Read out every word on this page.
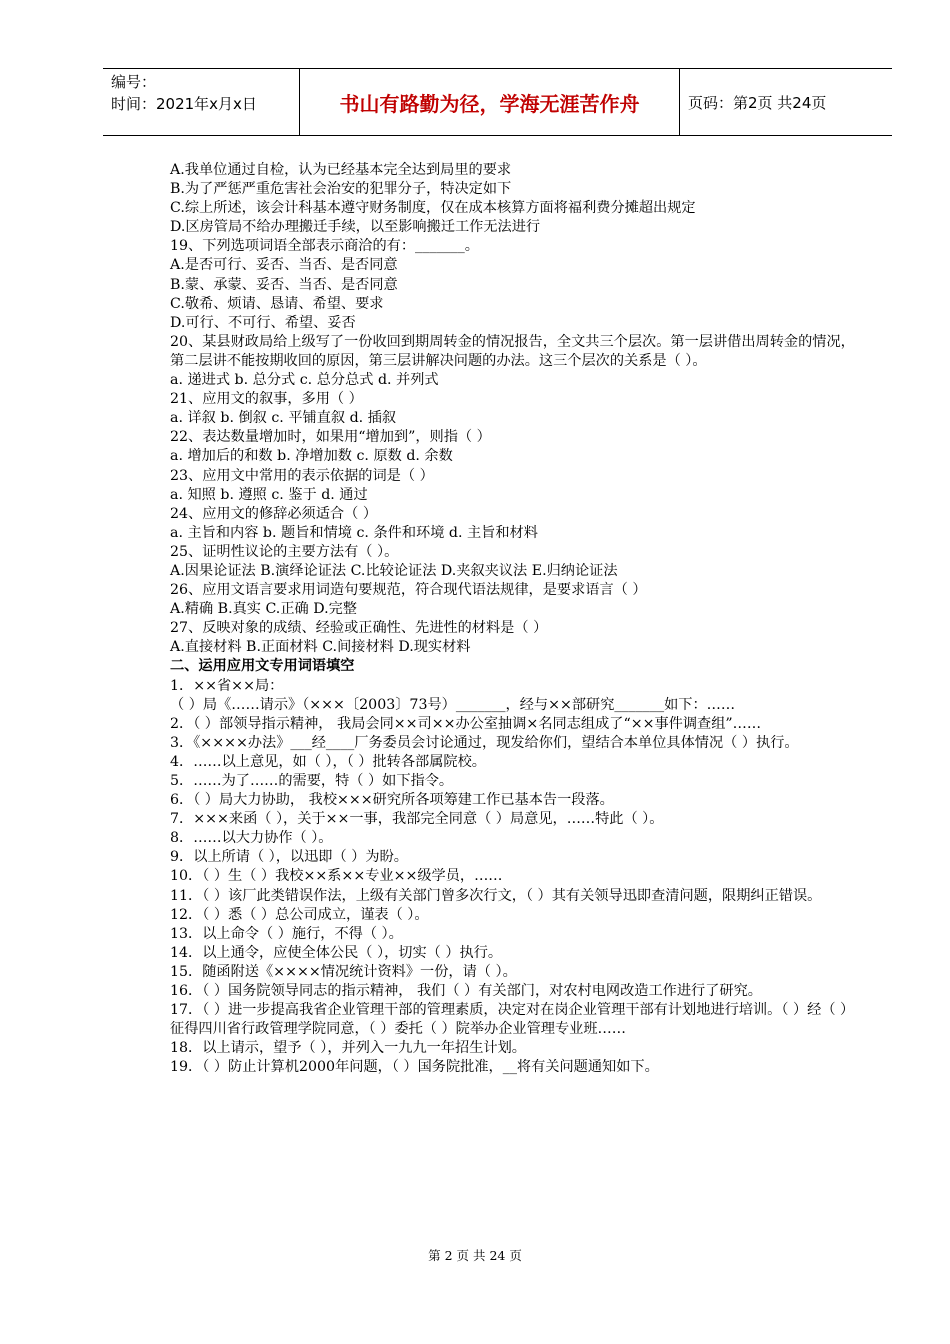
编号：
时间：2021年x月x日	书山有路勤为径，学海无涯苦作舟	页码：第2页 共24页
A.我单位通过自检，认为已经基本完全达到局里的要求
B.为了严惩严重危害社会治安的犯罪分子，特决定如下
C.综上所述，该会计科基本遵守财务制度，仅在成本核算方面将福利费分摊超出规定
D.区房管局不给办理搬迁手续，以至影响搬迁工作无法进行
19、下列选项词语全部表示商洽的有：_______。
A.是否可行、妥否、当否、是否同意
B.蒙、承蒙、妥否、当否、是否同意
C.敬希、烦请、恳请、希望、要求
D.可行、不可行、希望、妥否
20、某县财政局给上级写了一份收回到期周转金的情况报告，全文共三个层次。第一层讲借出周转金的情况，第二层讲不能按期收回的原因，第三层讲解决问题的办法。这三个层次的关系是（ ）。
a. 递进式 b. 总分式 c. 总分总式 d. 并列式
21、应用文的叙事，多用（ ）
a. 详叙 b. 倒叙 c. 平铺直叙 d. 插叙
22、表达数量增加时，如果用“增加到”，则指（ ）
a. 增加后的和数 b. 净增加数 c. 原数 d. 余数
23、应用文中常用的表示依据的词是（ ）
a. 知照 b. 遵照 c. 鉴于 d. 通过
24、应用文的修辞必须适合（ ）
a. 主旨和内容 b. 题旨和情境 c. 条件和环境 d. 主旨和材料
25、证明性议论的主要方法有（ ）。
A.因果论证法 B.演绎论证法 C.比较论证法 D.夹叙夹议法 E.归纳论证法
26、应用文语言要求用词造句要规范，符合现代语法规律，是要求语言（ ）
A.精确 B.真实 C.正确 D.完整
27、反映对象的成绩、经验或正确性、先进性的材料是（ ）
A.直接材料 B.正面材料 C.间接材料 D.现实材料
二、运用应用文专用词语填空
1．××省××局：
（ ）局《……请示》（×××〔2003〕73号）_______，经与××部研究_______如下：……
2．（ ）部领导指示精神， 我局会同××司××办公室抽调×名同志组成了“××事件调查组”……
3．《××××办法》___经____厂务委员会讨论通过，现发给你们，望结合本单位具体情况（ ）执行。
4．……以上意见，如（ ），（ ）批转各部属院校。
5．……为了……的需要，特（ ）如下指令。
6．（ ）局大力协助， 我校×××研究所各项筹建工作已基本告一段落。
7．×××来函（ ），关于××一事，我部完全同意（ ）局意见，……特此（ ）。
8．……以大力协作（ ）。
9．以上所请（ ），以迅即（ ）为盼。
10．（ ）生（ ）我校××系××专业××级学员，……
11．（ ）该厂此类错误作法，上级有关部门曾多次行文，（ ）其有关领导迅即查清问题，限期纠正错误。
12．（ ）悉（ ）总公司成立，谨表（ ）。
13．以上命令（ ）施行，不得（ ）。
14．以上通令，应使全体公民（ ），切实（ ）执行。
15．随函附送《××××情况统计资料》一份，请（ ）。
16．（ ）国务院领导同志的指示精神， 我们（ ）有关部门，对农村电网改造工作进行了研究。
17．（ ）进一步提高我省企业管理干部的管理素质，决定对在岗企业管理干部有计划地进行培训。（ ）经（ ）征得四川省行政管理学院同意，（ ）委托（ ）院举办企业管理专业班……
18．以上请示，望予（ ），并列入一九九一年招生计划。
19．（ ）防止计算机2000年问题，（ ）国务院批准，__将有关问题通知如下。
第 2 页 共 24 页
